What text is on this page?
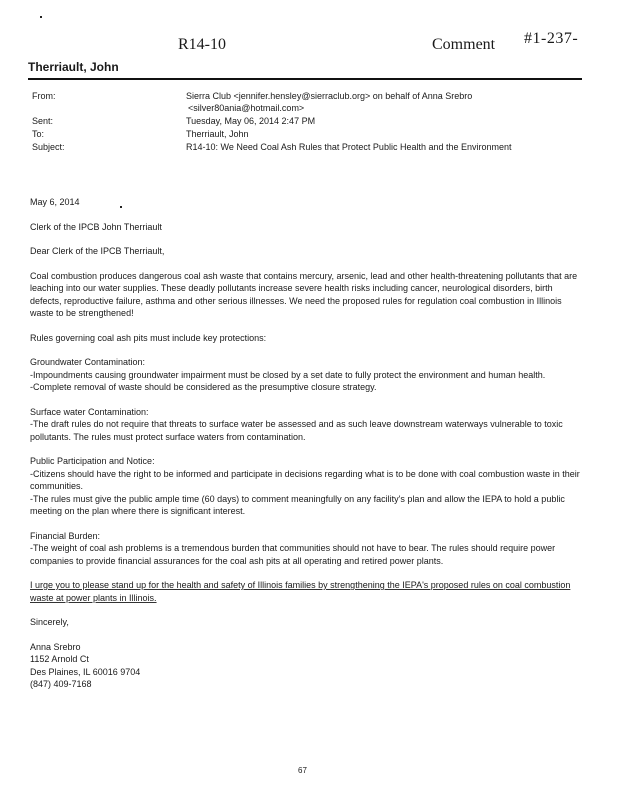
R14-10	Comment #1-237-
Therriault, John
From:	Sierra Club <jennifer.hensley@sierraclub.org> on behalf of Anna Srebro
<silver80ania@hotmail.com>
Sent:	Tuesday, May 06, 2014 2:47 PM
To:	Therriault, John
Subject:	R14-10: We Need Coal Ash Rules that Protect Public Health and the Environment

May 6, 2014

Clerk of the IPCB John Therriault

Dear Clerk of the IPCB Therriault,

Coal combustion produces dangerous coal ash waste that contains mercury, arsenic, lead and other health-threatening pollutants that are leaching into our water supplies. These deadly pollutants increase severe health risks including cancer, neurological disorders, birth defects, reproductive failure, asthma and other serious illnesses. We need the proposed rules for regulation coal combustion in Illinois waste to be strengthened!

Rules governing coal ash pits must include key protections:

Groundwater Contamination:

-Impoundments causing groundwater impairment must be closed by a set date to fully protect the environment and human health.

-Complete removal of waste should be considered as the presumptive closure strategy.

Surface water Contamination:

-The draft rules do not require that threats to surface water be assessed and as such leave downstream waterways vulnerable to toxic pollutants. The rules must protect surface waters from contamination.

Public Participation and Notice:

-Citizens should have the right to be informed and participate in decisions regarding what is to be done with coal combustion waste in their communities.

-The rules must give the public ample time (60 days) to comment meaningfully on any facility's plan and allow the IEPA to hold a public meeting on the plan where there is significant interest.

Financial Burden:

-The weight of coal ash problems is a tremendous burden that communities should not have to bear. The rules should require power companies to provide financial assurances for the coal ash pits at all operating and retired power plants.

I urge you to please stand up for the health and safety of Illinois families by strengthening the IEPA's proposed rules on coal combustion waste at power plants in Illinois.

Sincerely,

Anna Srebro

1152 Arnold Ct

Des Plaines, IL 60016 9704

(847) 409-7168

67
